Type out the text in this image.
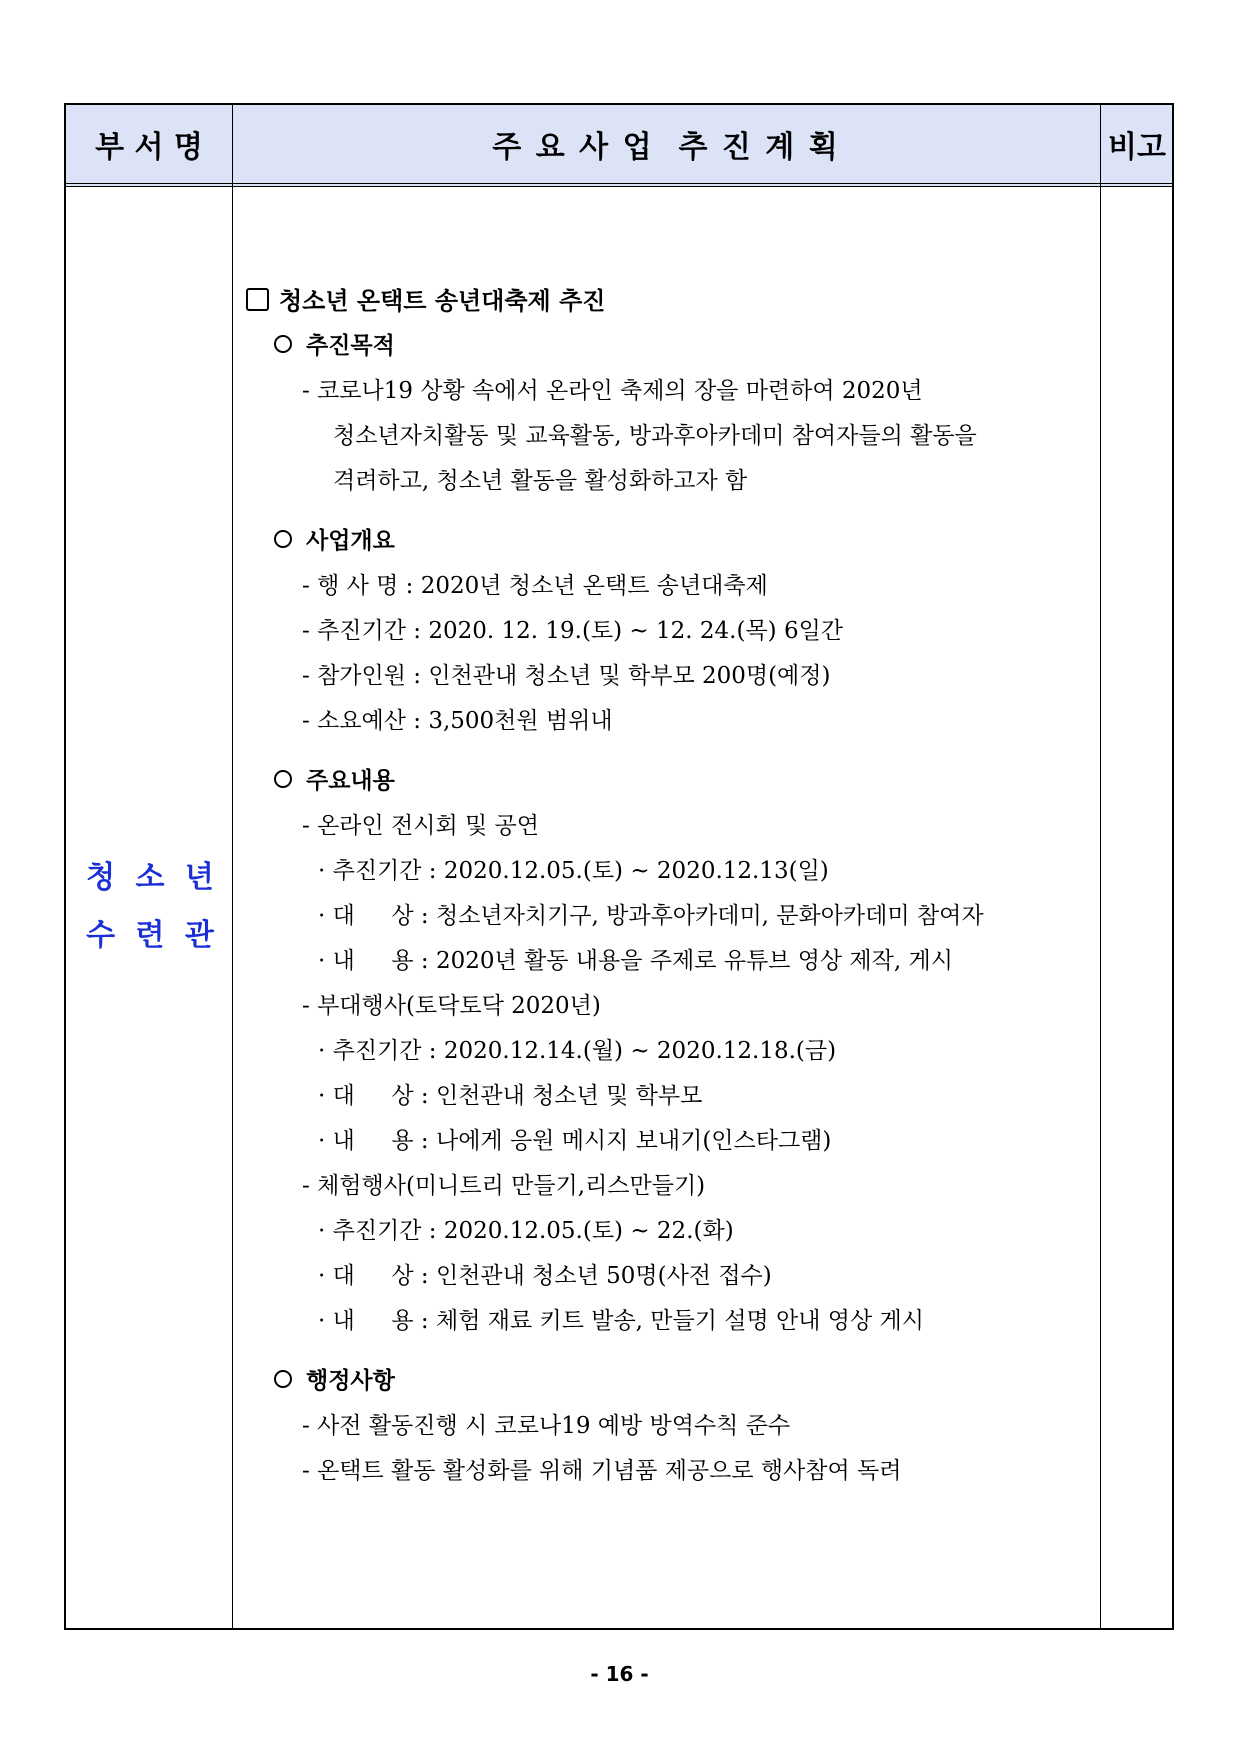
부 서 명	주 요 사 업  추 진 계 획	비고
청 소 년
수 련 관
청소년 온택트 송년대축제 추진
추진목적
- 코로나19 상황 속에서 온라인 축제의 장을 마련하여 2020년
청소년자치활동 및 교육활동, 방과후아카데미 참여자들의 활동을
격려하고, 청소년 활동을 활성화하고자 함
사업개요
- 행 사 명 : 2020년 청소년 온택트 송년대축제
- 추진기간 : 2020. 12. 19.(토) ~ 12. 24.(목) 6일간
- 참가인원 : 인천관내 청소년 및 학부모 200명(예정)
- 소요예산 : 3,500천원 범위내
주요내용
- 온라인 전시회 및 공연
· 추진기간 : 2020.12.05.(토) ~ 2020.12.13(일)
· 대     상 : 청소년자치기구, 방과후아카데미, 문화아카데미 참여자
· 내     용 : 2020년 활동 내용을 주제로 유튜브 영상 제작, 게시
- 부대행사(토닥토닥 2020년)
· 추진기간 : 2020.12.14.(월) ~ 2020.12.18.(금)
· 대     상 : 인천관내 청소년 및 학부모
· 내     용 : 나에게 응원 메시지 보내기(인스타그램)
- 체험행사(미니트리 만들기,리스만들기)
· 추진기간 : 2020.12.05.(토) ~ 22.(화)
· 대     상 : 인천관내 청소년 50명(사전 접수)
· 내     용 : 체험 재료 키트 발송, 만들기 설명 안내 영상 게시
행정사항
- 사전 활동진행 시 코로나19 예방 방역수칙 준수
- 온택트 활동 활성화를 위해 기념품 제공으로 행사참여 독려
- 16 -
